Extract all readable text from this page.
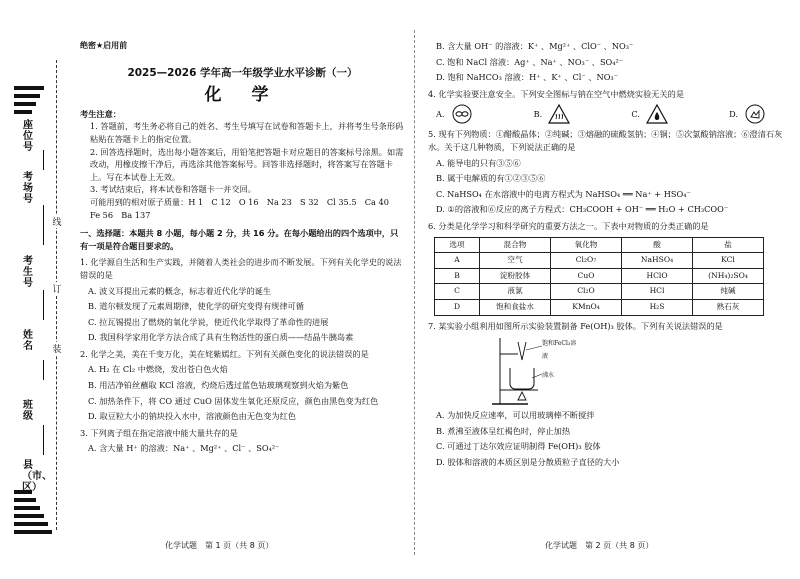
座位号
考场号
考生号
姓名
班级
县（市、区）
线
订
装
绝密★启用前
2025—2026 学年高一年级学业水平诊断（一）
化 学
考生注意：
1. 答题前，考生务必将自己的姓名、考生号填写在试卷和答题卡上，并将考生号条形码粘贴在答题卡上的指定位置。
2. 回答选择题时，选出每小题答案后，用铅笔把答题卡对应题目的答案标号涂黑。如需改动，用橡皮擦干净后，再选涂其他答案标号。回答非选择题时，将答案写在答题卡上。写在本试卷上无效。
3. 考试结束后，将本试卷和答题卡一并交回。
可能用到的相对原子质量：H 1　C 12　O 16　Na 23　S 32　Cl 35.5　Ca 40　Fe 56　Ba 137
一、选择题：本题共 8 小题，每小题 2 分，共 16 分。在每小题给出的四个选项中，只有一项是符合题目要求的。
1. 化学源自生活和生产实践，并随着人类社会的进步而不断发展。下列有关化学史的说法错误的是
A. 波义耳提出元素的概念，标志着近代化学的诞生
B. 道尔顿发现了元素周期律，使化学的研究变得有规律可循
C. 拉瓦锡提出了燃烧的氧化学说，使近代化学取得了革命性的进展
D. 我国科学家用化学方法合成了具有生物活性的蛋白质——结晶牛胰岛素
2. 化学之美，美在千变万化，美在姹紫嫣红。下列有关颜色变化的说法错误的是
A. H₂ 在 Cl₂ 中燃烧，发出苍白色火焰
B. 用洁净铂丝蘸取 KCl 溶液，灼烧后透过蓝色钴玻璃观察到火焰为紫色
C. 加热条件下，将 CO 通过 CuO 固体发生氧化还原反应，颜色由黑色变为红色
D. 取豆粒大小的钠块投入水中，溶液颜色由无色变为红色
3. 下列离子组在指定溶液中能大量共存的是
A. 含大量 H⁺ 的溶液：Na⁺ 、Mg²⁺ 、Cl⁻ 、SO₄²⁻
化学试题　第 1 页（共 8 页）
B. 含大量 OH⁻ 的溶液：K⁺ 、Mg²⁺ 、ClO⁻ 、NO₃⁻
C. 饱和 NaCl 溶液：Ag⁺ 、Na⁺ 、NO₃⁻ 、SO₄²⁻
D. 饱和 NaHCO₃ 溶液：H⁺ 、K⁺ 、Cl⁻ 、NO₃⁻
4. 化学实验要注意安全。下列安全图标与钠在空气中燃烧实验无关的是
A.	B.	C.	D.
5. 现有下列物质：①醋酸晶体；②纯碱；③熔融的硫酸氢钠；④铜；⑤次氯酸钠溶液；⑥澄清石灰水。关于这几种物质，下列说法正确的是
A. 能导电的只有③⑤⑥
B. 属于电解质的有①②③⑤⑥
C. NaHSO₄ 在水溶液中的电离方程式为 NaHSO₄ ══ Na⁺ + HSO₄⁻
D. ①的溶液和⑥反应的离子方程式：CH₃COOH + OH⁻ ══ H₂O + CH₃COO⁻
6. 分类是化学学习和科学研究的重要方法之一。下表中对物质的分类正确的是
选项	混合物	氧化物	酸	盐
A	空气	Cl₂O₇	NaHSO₄	KCl
B	淀粉胶体	CuO	HClO	(NH₄)₂SO₄
C	液氯	Cl₂O	HCl	纯碱
D	饱和食盐水	KMnO₄	H₂S	熟石灰
7. 某实验小组利用如图所示实验装置制备 Fe(OH)₃ 胶体。下列有关说法错误的是
饱和FeCl₃溶液
沸水
A. 为加快反应速率，可以用玻璃棒不断搅拌
B. 煮沸至液体呈红褐色时，停止加热
C. 可通过丁达尔效应证明制得 Fe(OH)₃ 胶体
D. 胶体和溶液的本质区别是分散质粒子直径的大小
化学试题　第 2 页（共 8 页）
